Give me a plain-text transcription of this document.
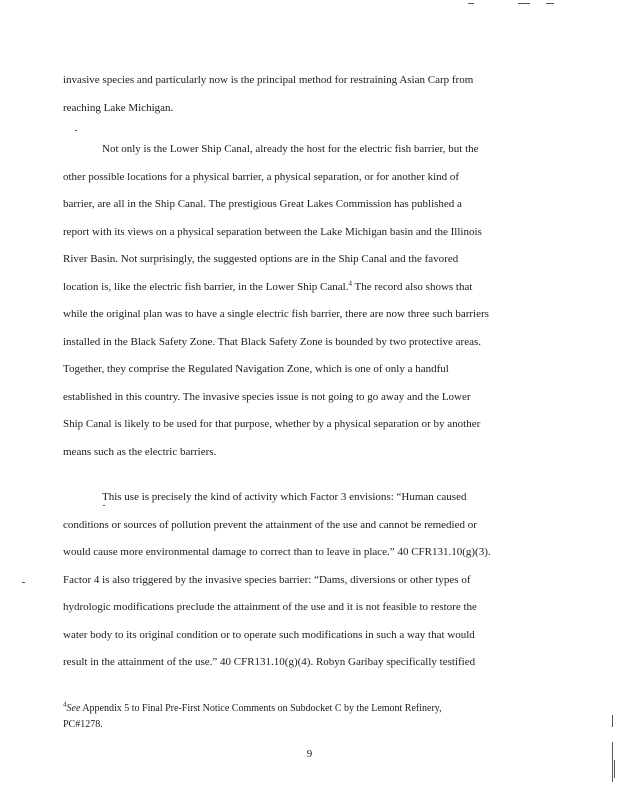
invasive species and particularly now is the principal method for restraining Asian Carp from
reaching Lake Michigan.
Not only is the Lower Ship Canal, already the host for the electric fish barrier, but the
other possible locations for a physical barrier, a physical separation, or for another kind of
barrier, are all in the Ship Canal. The prestigious Great Lakes Commission has published a
report with its views on a physical separation between the Lake Michigan basin and the Illinois
River Basin. Not surprisingly, the suggested options are in the Ship Canal and the favored
location is, like the electric fish barrier, in the Lower Ship Canal.$^4$ The record also shows that
while the original plan was to have a single electric fish barrier, there are now three such barriers
installed in the Black Safety Zone. That Black Safety Zone is bounded by two protective areas.
Together, they comprise the Regulated Navigation Zone, which is one of only a handful
established in this country. The invasive species issue is not going to go away and the Lower
Ship Canal is likely to be used for that purpose, whether by a physical separation or by another
means such as the electric barriers.
This use is precisely the kind of activity which Factor 3 envisions: “Human caused
conditions or sources of pollution prevent the attainment of the use and cannot be remedied or
would cause more environmental damage to correct than to leave in place.” 40 CFR131.10(g)(3).
Factor 4 is also triggered by the invasive species barrier: “Dams, diversions or other types of
hydrologic modifications preclude the attainment of the use and it is not feasible to restore the
water body to its original condition or to operate such modifications in such a way that would
result in the attainment of the use.” 40 CFR131.10(g)(4). Robyn Garibay specifically testified
$^4$See Appendix 5 to Final Pre-First Notice Comments on Subdocket C by the Lemont Refinery,
PC#1278.
9
